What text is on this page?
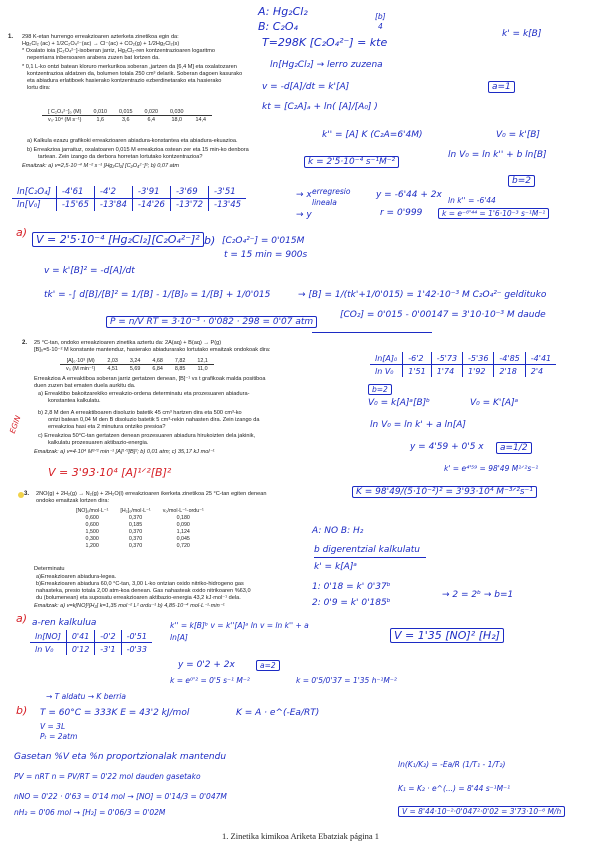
1. 298 K-etan hurrengo erreakzioaren azterketa zinetikoa egin da:
Hg₂Cl₂ (ac) + 1/2C₂O₄²⁻(ac) → Cl⁻(ac) + CO₂(g) + 1/2Hg₂Cl₂(s)
* Oxalato ioia [C₂O₄²⁻]-isoberan jarriz, Hg₂Cl₂-ren kontzentrazioaren logaritmo
neperriarra inbersoaren arabera zuzen bat lortzen da.
* 0,1 L-ko ontzi batean kloruro merkurikoa soberan ,jartzen da [6,4 M] eta oxalatozaren
kontzentrazioa aldatzen da, bolumen totala 250 cm³ delarik. Soberan dagoen kasurako
eta abiadura erlatiboek hasierako kontzentrazio ezberdinetarako eta hasierako
lortu dira:
[ C₂O₄²⁻]₀ (M)	0,010	0,015	0,020	0,030	
v₀·10⁴ (M s⁻¹)	1,6	3,6	6,4	18,0	14,4
a) Kalkula ezazu grafikoki erreakzioaren abiadura-konstantea eta abiadura-ekuazioa.
b) Erreakzioa jarraituz, oxalatoaren 0,015 M erreakzioa ostean zer eta 15 min-ko denbora
tartean. Zein izango da derbora horretan lortutako kontzentrazioa?
Emaitzak: a) v=2,5·10⁻⁴ M⁻² s⁻¹ [Hg₂Cl₂] [C₂O₄²⁻]²; b) 0,07 atm
A: Hg₂Cl₂
B: C₂O₄
[b]
4
T=298K [C₂O₄²⁻] = kte
k' = k[B]
ln[Hg₂Cl₂] → lerro zuzena
v = -d[A]/dt = k'[A]	a=1
kt = [C₂A]ₐ + ln( [A]/[A₀] )
k'' = [A] K (C₂A=6'4M)	V₀ = k'[B]
k = 2'5·10⁻⁴ s⁻¹M⁻²
ln V₀ = ln k'' + b ln[B]
ln[C₂O₄]	-4'61	-4'2	-3'91	-3'69	-3'51
ln[V₀]	-15'65	-13'84	-14'26	-13'72	-13'45
→ x
→ y
erregresio lineala
y = -6'44 + 2x
r = 0'999
b=2
ln k'' = -6'44
k = e⁻⁶'⁴⁴ = 1'6·10⁻³ s⁻¹M⁻¹
a)
V = 2'5·10⁻⁴ [Hg₂Cl₂][C₂O₄²⁻]² b) [C₂O₄²⁻] = 0'015M
t = 15 min = 900s
v = k'[B]² = -d[A]/dt
tk' = -∫ d[B]/[B]² = 1/[B] - 1/[B]₀ = 1/[B] + 1/0'015	→ [B] = 1/(tk'+1/0'015) = 1'42·10⁻³ M C₂O₄²⁻ geldituko
P = n/V RT = 3·10⁻³ · 0'082 · 298 = 0'07 atm
[CO₂] = 0'015 - 0'00147 = 3'10·10⁻³ M daude
2. 25 °C-tan, ondoko erreakzioaren zinetika aztertu da: 2A(aq) + B(aq) → P(g)
[B]₀=5·10⁻² M konstante mantenduz, hasierako abiadurarako lortutako emaitzak ondokoak dira:
[A]₀·10³ (M)	2,03	3,24	4,68	7,82	12,1
v₀ (M min⁻¹)	4,51	5,69	6,84	8,85	11,0
Erreakzioa A erreaktiboa soberan jarriz gertatzen denean, [B]⁻¹ vs t grafikoak malda positiboa
duen zuzen bat ematen duela aurkitu da.
a) Erreaktibo bakoitzarekiko erreakzio-ordena determinatu eta prozesuaren abiadura-
konstantea kalkulatu.
b) 2,8 M den A erreaktiboaren disoluzio batetik 45 cm³ hartzen dira eta 500 cm³-ko
ontzi batean 0,04 M den B disoluzio batetik 5 cm³-rekin nahasten dira. Zein izango da
erreakzioa hasi eta 2 minutura ontziko presioa?
c) Erreakzioa 50°C-tan gertatzen denean prozesuaren abiadura hirukoizten dela jakinik,
kalkulatu prozesuaren aktibazio-energia.
Emaitzak: a) v=4·10⁴ M³ᐟ² min⁻¹ [A]¹ᐟ²[B]²; b) 0,01 atm; c) 35,17 kJ mol⁻¹
EGIN
ln[A]₀	-6'2	-5'73	-5'36	-4'85	-4'41
ln V₀	1'51	1'74	1'92	2'18	2'4
b=2
V₀ = k[A]ᵃ[B]ᵇ	V₀ = K'[A]ᵃ
ln V₀ = ln k' + a ln[A]
y = 4'59 + 0'5 x	a=1/2
k' = e⁴'⁵⁹ = 98'49 M¹ᐟ²s⁻¹
K = 98'49/(5·10⁻²)² = 3'93·10⁴ M⁻³ᐟ²s⁻¹
V = 3'93·10⁴ [A]¹ᐟ²[B]²
3. 2NO(g) + 2H₂(g) → N₂(g) + 2H₂O(l) erreakzioaren ikerketa zinetikoa 25 °C-tan egiten denean
ondoko emaitzak lortzen dira:
[NO]₀/mol·L⁻¹	[H₂]₀/mol·L⁻¹	v₀/mol·L⁻¹·ordu⁻¹
0,600	0,370	0,180
0,600	0,185	0,090
1,500	0,370	1,124
0,300	0,370	0,045
1,200	0,370	0,720
Determinatu
a)Erreakzioaren abiadura-legea.
b)Erreakzioaren abiadura 60,0 °C-tan, 3,00 L-ko ontzian oxido nitriko-hidrogeno gas
nahasteka, presio totala 2,00 atm-koa denean. Gas nahasteak oxido nitrikoaren %63,0
du (bolumenean) eta suposatu erreakzioaren aktibazio-energia 43,2 kJ·mol⁻¹ dela.
Emaitzak: a) v=k[NO]²[H₂] k=1,35 mol⁻² L² ordu⁻¹ b) 4,85·10⁻⁴ mol·L⁻¹·min⁻¹
A: NO B: H₂
b digerentzial kalkulatu
k' = k[A]ᵃ
1: 0'18 = k' 0'37ᵇ
2: 0'9 = k' 0'185ᵇ
→ 2 = 2ᵇ → b=1
V = 1'35 [NO]² [H₂]
a) a-ren kalkulua
ln[NO]	0'41	-0'2	-0'51
ln V₀	0'12	-3'1	-0'33
k'' = k[B]ᵇ v = k''[A]ᵃ ln v = ln k'' + a ln[A]
y = 0'2 + 2x	a=2
k = e⁰'² = 0'5 s⁻¹ M⁻²	k = 0'5/0'37 = 1'35 h⁻¹M⁻²
→ T aldatu → K berria
b) T = 60°C = 333K E = 43'2 kJ/mol
V = 3L
Pₜ = 2atm
K = A · e^(-Ea/RT)
Gasetan %V eta %n proportzionalak mantendu
PV = nRT n = PV/RT = 0'22 mol dauden gasetako
nNO = 0'22 · 0'63 = 0'14 mol → [NO] = 0'14/3 = 0'047M
nH₂ = 0'06 mol → [H₂] = 0'06/3 = 0'02M
ln(K₁/K₂) = -Ea/R (1/T₁ - 1/T₂)
K₁ = K₂ · e^(...) = 8'44 s⁻¹M⁻¹
V = 8'44·10⁻²·0'047²·0'02 = 3'73·10⁻⁶ M/h
1. Zinetika kimikoa Ariketa Ebatziak página 1
